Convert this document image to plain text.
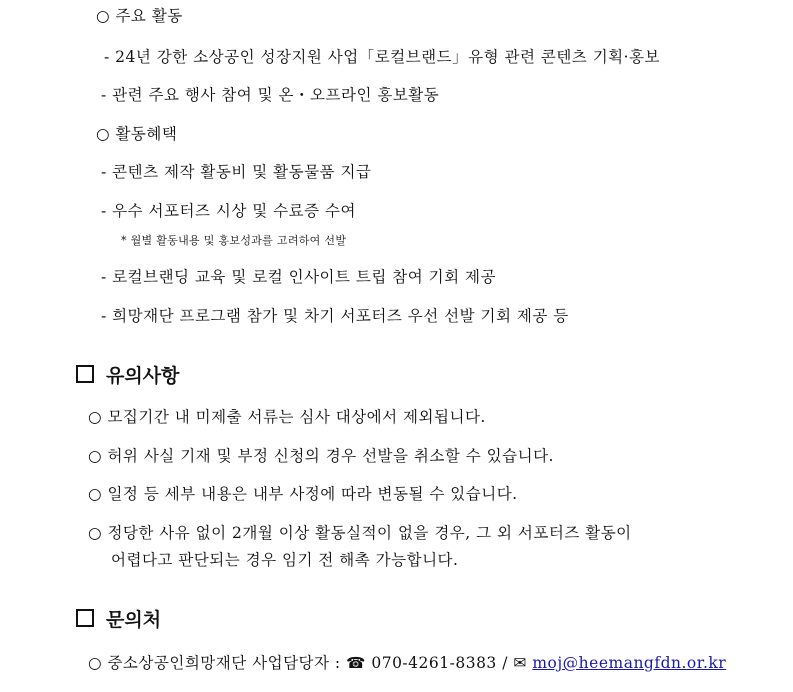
○ 주요 활동
- 24년 강한 소상공인 성장지원 사업「로컬브랜드」유형 관련 콘텐츠 기획·홍보
- 관련 주요 행사 참여 및 온・오프라인 홍보활동
○ 활동혜택
- 콘텐츠 제작 활동비 및 활동물품 지급
- 우수 서포터즈 시상 및 수료증 수여
* 월별 활동내용 및 홍보성과를 고려하여 선발
- 로컬브랜딩 교육 및 로컬 인사이트 트립 참여 기회 제공
- 희망재단 프로그램 참가 및 차기 서포터즈 우선 선발 기회 제공 등
유의사항
○ 모집기간 내 미제출 서류는 심사 대상에서 제외됩니다.
○ 허위 사실 기재 및 부정 신청의 경우 선발을 취소할 수 있습니다.
○ 일정 등 세부 내용은 내부 사정에 따라 변동될 수 있습니다.
○ 정당한 사유 없이 2개월 이상 활동실적이 없을 경우, 그 외 서포터즈 활동이
어렵다고 판단되는 경우 임기 전 해촉 가능합니다.
문의처
○ 중소상공인희망재단 사업담당자 : ☎ 070-4261-8383 / ✉ moj@heemangfdn.or.kr
